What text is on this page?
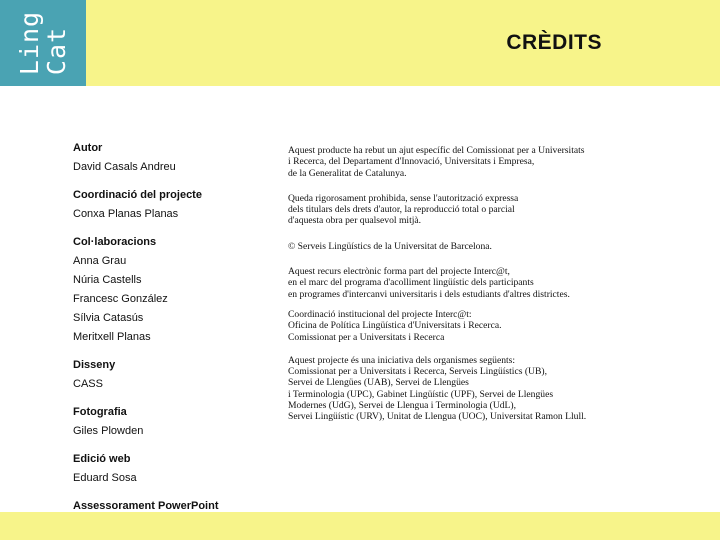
Ling
Cat	CRÈDITS
Autor
David Casals Andreu
Coordinació del projecte
Conxa Planas Planas
Col·laboracions
Anna Grau
Núria Castells
Francesc González
Sílvia Catasús
Meritxell Planas
Disseny
CASS
Fotografia
Giles Plowden
Edició web
Eduard Sosa
Assessorament PowerPoint
Aquest producte ha rebut un ajut específic del Comissionat per a Universitats
i Recerca, del Departament d'Innovació, Universitats i Empresa,
de la Generalitat de Catalunya.
Queda rigorosament prohibida, sense l'autorització expressa
dels titulars dels drets d'autor, la reproducció total o parcial
d'aquesta obra per qualsevol mitjà.
© Serveis Lingüístics de la Universitat de Barcelona.
Aquest recurs electrònic forma part del projecte Interc@t,
en el marc del programa d'acolliment lingüístic dels participants
en programes d'intercanvi universitaris i dels estudiants d'altres districtes.
Coordinació institucional del projecte Interc@t:
Oficina de Política Lingüística d'Universitats i Recerca.
Comissionat per a Universitats i Recerca
Aquest projecte és una iniciativa dels organismes següents:
Comissionat per a Universitats i Recerca, Serveis Lingüístics (UB),
Servei de Llengües (UAB), Servei de Llengües
i Terminologia (UPC), Gabinet Lingüístic (UPF), Servei de Llengües
Modernes (UdG), Servei de Llengua i Terminologia (UdL),
Servei Lingüístic (URV), Unitat de Llengua (UOC), Universitat Ramon Llull.
